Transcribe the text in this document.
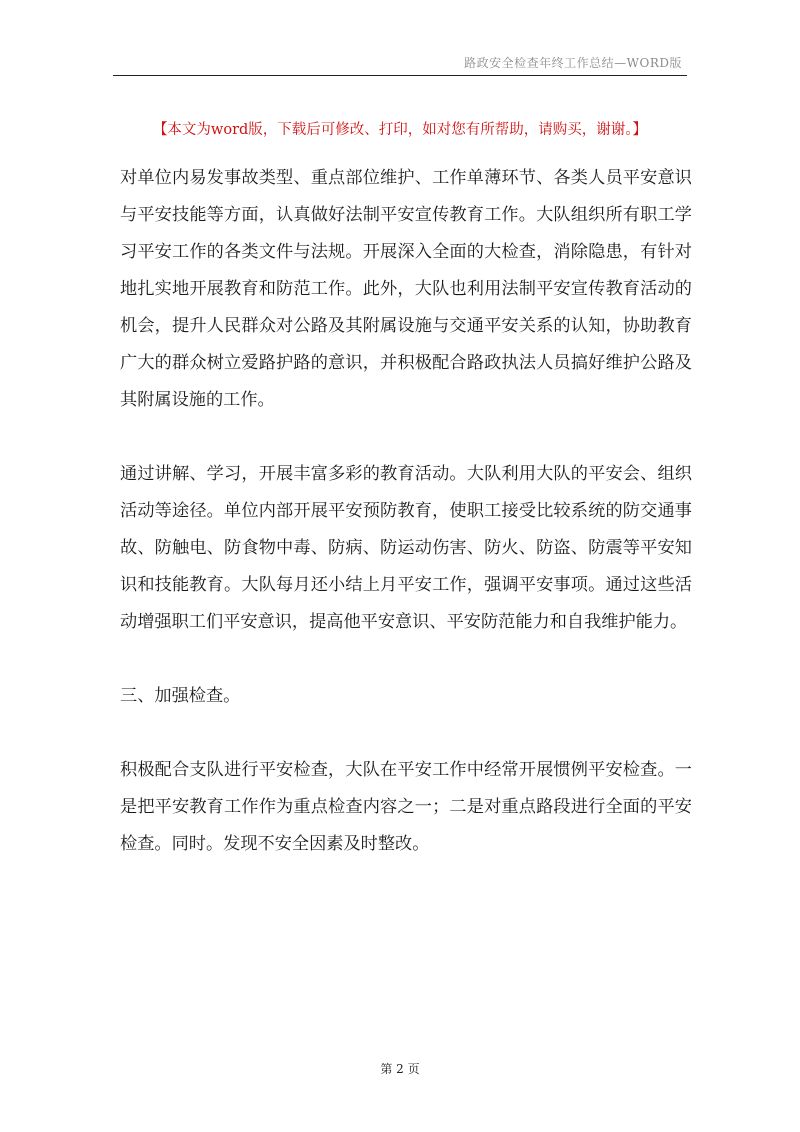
路政安全检查年终工作总结—WORD版
【本文为word版，下载后可修改、打印，如对您有所帮助，请购买，谢谢。】

对单位内易发事故类型、重点部位维护、工作单薄环节、各类人员平安意识与平安技能等方面，认真做好法制平安宣传教育工作。大队组织所有职工学习平安工作的各类文件与法规。开展深入全面的大检查，消除隐患，有针对地扎实地开展教育和防范工作。此外，大队也利用法制平安宣传教育活动的机会，提升人民群众对公路及其附属设施与交通平安关系的认知，协助教育广大的群众树立爱路护路的意识，并积极配合路政执法人员搞好维护公路及其附属设施的工作。

通过讲解、学习，开展丰富多彩的教育活动。大队利用大队的平安会、组织活动等途径。单位内部开展平安预防教育，使职工接受比较系统的防交通事故、防触电、防食物中毒、防病、防运动伤害、防火、防盗、防震等平安知识和技能教育。大队每月还小结上月平安工作，强调平安事项。通过这些活动增强职工们平安意识，提高他平安意识、平安防范能力和自我维护能力。

三、加强检查。

积极配合支队进行平安检查，大队在平安工作中经常开展惯例平安检查。一是把平安教育工作作为重点检查内容之一；二是对重点路段进行全面的平安检查。同时。发现不安全因素及时整改。

第 2 页
